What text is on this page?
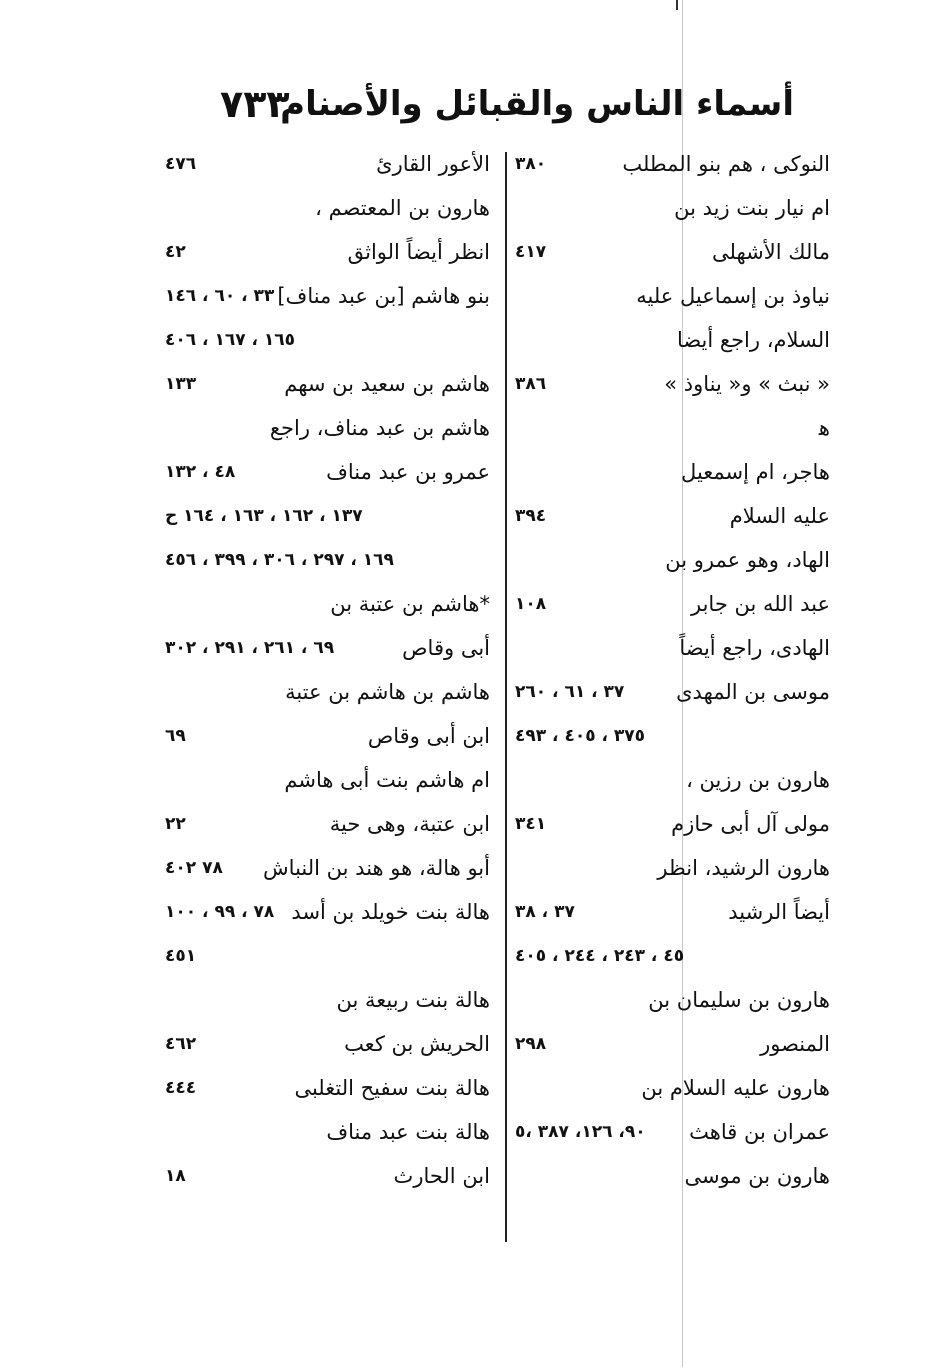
أسماء الناس والقبائل والأصنام
٧٣٣
النوكى ، هم بنو المطلب
٣٨٠
ام نيار بنت زيد بن
مالك الأشهلى
٤١٧
نياوذ بن إسماعيل عليه
السلام، راجع أيضا
« نبث » و« يناوذ »
٣٨٦
ﻫ
هاجر، ام إسمعيل
عليه السلام
٣٩٤
الهاد، وهو عمرو بن
عبد الله بن جابر
١٠٨
الهادى، راجع أيضاً
موسى بن المهدى
٣٧ ، ٦١ ، ٢٦٠
٣٧٥ ، ٤٠٥ ، ٤٩٣
هارون بن رزين ،
مولى آل أبى حازم
٣٤١
هارون الرشيد، انظر
أيضاً الرشيد
٣٧ ، ٣٨
٤٥ ، ٢٤٣ ، ٢٤٤ ، ٤٠٥
هارون بن سليمان بن
المنصور
٢٩٨
هارون عليه السلام بن
عمران بن قاهث
٩٠، ١٢٦، ٣٨٧ ،٥
هارون بن موسى
الأعور القارئ
٤٧٦
هارون بن المعتصم ،
انظر أيضاً الواثق
٤٢
بنو هاشم [بن عبد مناف]
٣٣ ، ٦٠ ، ١٤٦
١٦٥ ، ١٦٧ ، ٤٠٦
هاشم بن سعيد بن سهم
١٣٣
هاشم بن عبد مناف، راجع
عمرو بن عبد مناف
٤٨ ، ١٣٢
١٣٧ ، ١٦٢ ، ١٦٣ ، ١٦٤ ح
١٦٩ ، ٢٩٧ ، ٣٠٦ ، ٣٩٩ ، ٤٥٦
*هاشم بن عتبة بن
أبى وقاص
٦٩ ، ٢٦١ ، ٢٩١ ، ٣٠٢
هاشم بن هاشم بن عتبة
ابن أبى وقاص
٦٩
ام هاشم بنت أبى هاشم
ابن عتبة، وهى حية
٢٢
أبو هالة، هو هند بن النباش
٧٨ ٤٠٢
هالة بنت خويلد بن أسد
٧٨ ، ٩٩ ، ١٠٠
٤٥١
هالة بنت ربيعة بن
الحريش بن كعب
٤٦٢
هالة بنت سفيح التغلبى
٤٤٤
هالة بنت عبد مناف
ابن الحارث
١٨
